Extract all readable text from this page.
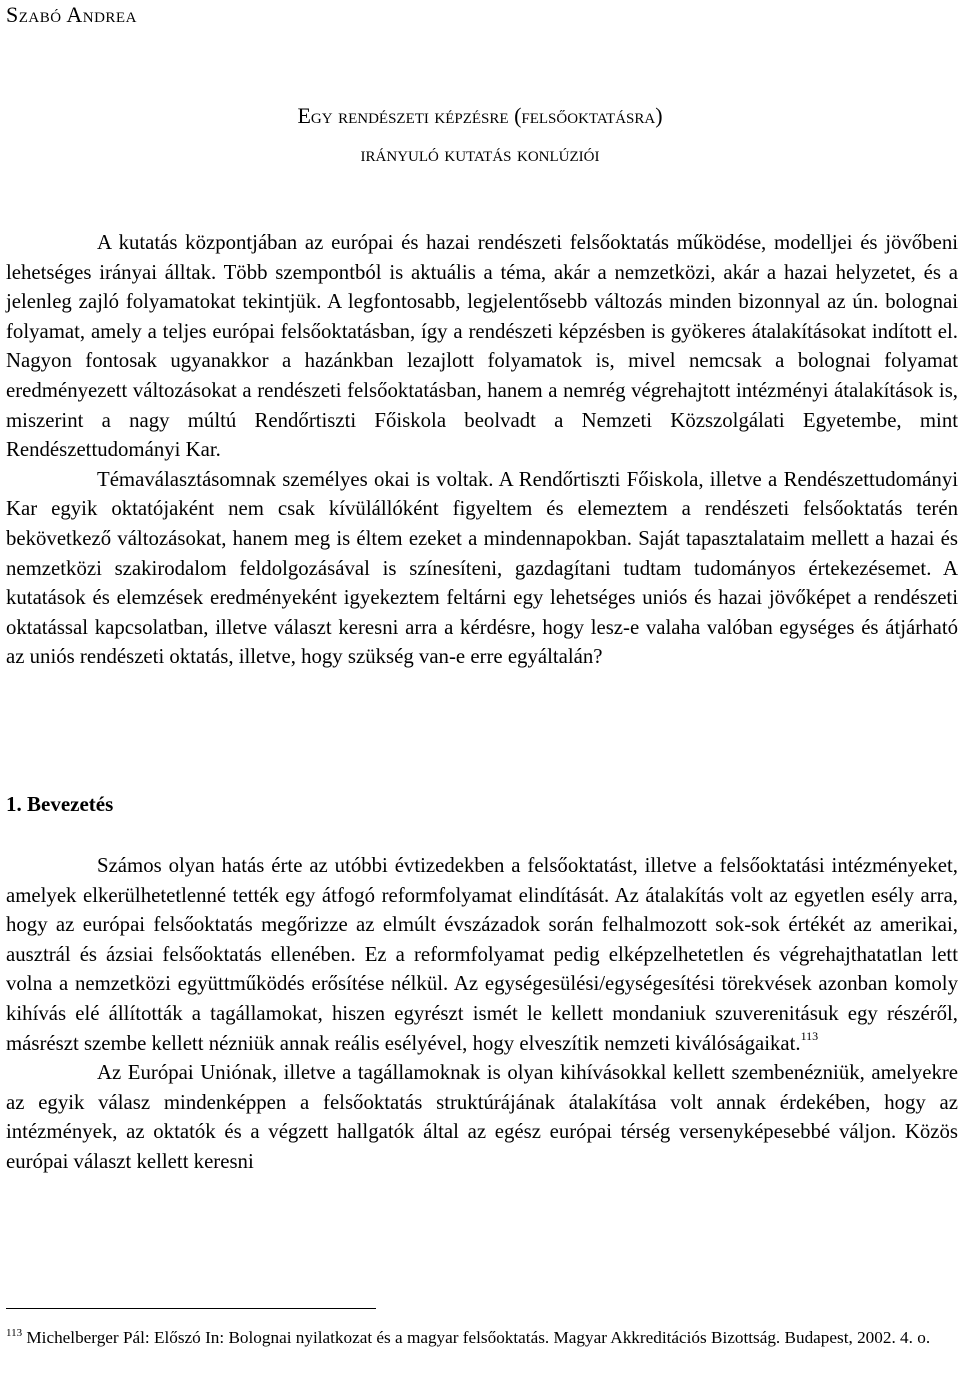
Szabó Andrea
Egy rendészeti képzésre (felsőoktatásra)
irányuló kutatás konlúziói

A kutatás központjában az európai és hazai rendészeti felsőoktatás működése, modelljei és jövőbeni lehetséges irányai álltak. Több szempontból is aktuális a téma, akár a nemzetközi, akár a hazai helyzetet, és a jelenleg zajló folyamatokat tekintjük. A legfontosabb, legjelentősebb változás minden bizonnyal az ún. bolognai folyamat, amely a teljes európai felsőoktatásban, így a rendészeti képzésben is gyökeres átalakításokat indított el. Nagyon fontosak ugyanakkor a hazánkban lezajlott folyamatok is, mivel nemcsak a bolognai folyamat eredményezett változásokat a rendészeti felsőoktatásban, hanem a nemrég végrehajtott intézményi átalakítások is, miszerint a nagy múltú Rendőrtiszti Főiskola beolvadt a Nemzeti Közszolgálati Egyetembe, mint Rendészettudományi Kar.

Témaválasztásomnak személyes okai is voltak. A Rendőrtiszti Főiskola, illetve a Rendészettudományi Kar egyik oktatójaként nem csak kívülállóként figyeltem és elemeztem a rendészeti felsőoktatás terén bekövetkező változásokat, hanem meg is éltem ezeket a mindennapokban. Saját tapasztalataim mellett a hazai és nemzetközi szakirodalom feldolgozásával is színesíteni, gazdagítani tudtam tudományos értekezésemet. A kutatások és elemzések eredményeként igyekeztem feltárni egy lehetséges uniós és hazai jövőképet a rendészeti oktatással kapcsolatban, illetve választ keresni arra a kérdésre, hogy lesz-e valaha valóban egységes és átjárható az uniós rendészeti oktatás, illetve, hogy szükség van-e erre egyáltalán?

1. Bevezetés

Számos olyan hatás érte az utóbbi évtizedekben a felsőoktatást, illetve a felsőoktatási intézményeket, amelyek elkerülhetetlenné tették egy átfogó reformfolyamat elindítását. Az átalakítás volt az egyetlen esély arra, hogy az európai felsőoktatás megőrizze az elmúlt évszázadok során felhalmozott sok-sok értékét az amerikai, ausztrál és ázsiai felsőoktatás ellenében. Ez a reformfolyamat pedig elképzelhetetlen és végrehajthatatlan lett volna a nemzetközi együttműködés erősítése nélkül. Az egységesülési/egységesítési törekvések azonban komoly kihívás elé állították a tagállamokat, hiszen egyrészt ismét le kellett mondaniuk szuverenitásuk egy részéről, másrészt szembe kellett nézniük annak reális esélyével, hogy elveszítik nemzeti kiválóságaikat.$^{113}$

Az Európai Uniónak, illetve a tagállamoknak is olyan kihívásokkal kellett szembenézniük, amelyekre az egyik válasz mindenképpen a felsőoktatás struktúrájának átalakítása volt annak érdekében, hogy az intézmények, az oktatók és a végzett hallgatók által az egész európai térség versenyképesebbé váljon. Közös európai választ kellett keresni

$^{113}$ Michelberger Pál: Előszó In: Bolognai nyilatkozat és a magyar felsőoktatás. Magyar Akkreditációs Bizottság. Budapest, 2002. 4. o.
